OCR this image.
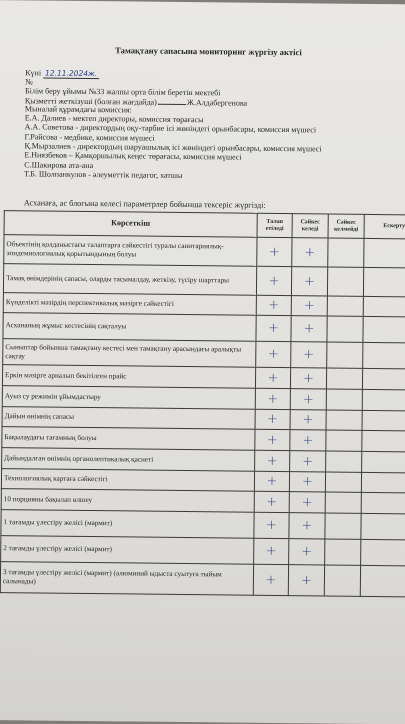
Тамақтану сапасына мониторинг жүргізу актісі
Күні 12.11.2024ж.
№
Білім беру ұйымы №33 жалпы орта білім беретін мектебі
Қызметті жеткізуші (болған жағдайда)	Ж.Алдабергенова
Мыналай құрамдағы комиссия:
Е.А. Далиев - мектеп директоры, комиссия төрағасы
А.А. Советова - директордың оқу-тәрбие ісі жөніндегі орынбасары, комиссия мүшесі
Г.Райсова - медбике, комиссия мүшесі
Қ.Мырзалиев - директордың шаруашылық ісі жөніндегі орынбасары, комиссия мүшесі
Е.Ниязбеков – Қамқоршылық кеңес төрағасы, комиссия мүшесі
С.Шакирова ата-ана
Т.Б. Шолпанкулов - әлеуметтік педагог, хатшы
Асханаға, ас блогына келесі параметрлер бойынша тексеріс жүргізді:
Көрсеткіш	Талап етіледі	Сәйкес келеді	Сәйкес келмейді	Ескерту
Объектінің қолданыстағы талаптарға сәйкестігі туралы санитариялық-эпидемиологиялық қорытындының болуы	+	+		
Тамақ өнімдерінің сапасы, оларды тасымалдау, жеткізу, түсіру шарттары	+	+		
Күнделікті мәзірдің перспективалық мәзірге сәйкестігі	+	+		
Асхананың жұмыс кестесінің сақталуы	+	+		
Сыныптар бойынша тамақтану кестесі мен тамақтану арасындағы аралықты сақтау	+	+		
Еркін мәзірге арналып бекітілген прайс	+	+		
Ауыз су режимін ұйымдастыру	+	+		
Дайын өнімнің сапасы	+	+		
Бақылаудағы тағамның болуы	+	+		
Дайындалған өнімнің органолептикалық қасиеті	+	+		
Технологиялық картаға сәйкестігі	+	+		
10 порцияны бақылап өлшеу	+	+		
1 тағамды үлестіру желісі (мармит)	+	+		
2 тағамды үлестіру желісі (мармит)	+	+		
3 тағамды үлестіру желісі (мармит) (алюминий ыдыста суытуға тыйым салынады)	+	+		
